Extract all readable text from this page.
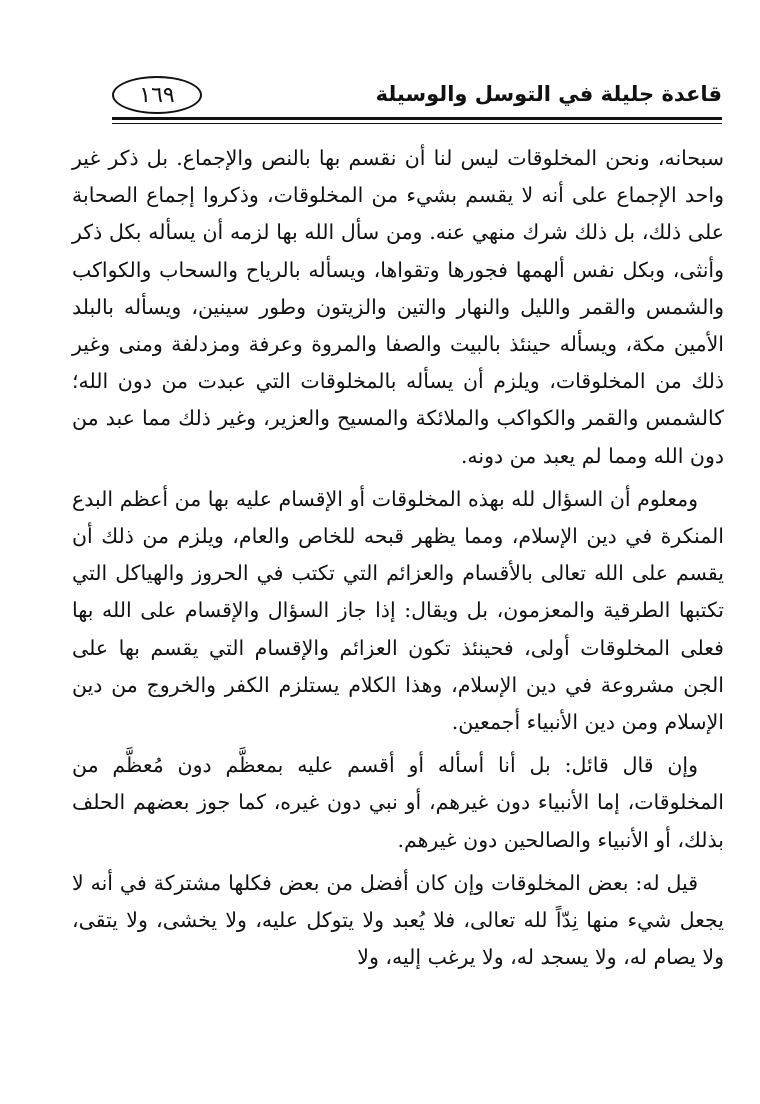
١٦٩	قاعدة جليلة في التوسل والوسيلة

سبحانه، ونحن المخلوقات ليس لنا أن نقسم بها بالنص والإجماع. بل ذكر غير واحد الإجماع على أنه لا يقسم بشيء من المخلوقات، وذكروا إجماع الصحابة على ذلك، بل ذلك شرك منهي عنه. ومن سأل الله بها لزمه أن يسأله بكل ذكر وأنثى، وبكل نفس ألهمها فجورها وتقواها، ويسأله بالرياح والسحاب والكواكب والشمس والقمر والليل والنهار والتين والزيتون وطور سينين، ويسأله بالبلد الأمين مكة، ويسأله حينئذ بالبيت والصفا والمروة وعرفة ومزدلفة ومنى وغير ذلك من المخلوقات، ويلزم أن يسأله بالمخلوقات التي عبدت من دون الله؛ كالشمس والقمر والكواكب والملائكة والمسيح والعزير، وغير ذلك مما عبد من دون الله ومما لم يعبد من دونه.

ومعلوم أن السؤال لله بهذه المخلوقات أو الإقسام عليه بها من أعظم البدع المنكرة في دين الإسلام، ومما يظهر قبحه للخاص والعام، ويلزم من ذلك أن يقسم على الله تعالى بالأقسام والعزائم التي تكتب في الحروز والهياكل التي تكتبها الطرقية والمعزمون، بل ويقال: إذا جاز السؤال والإقسام على الله بها فعلى المخلوقات أولى، فحينئذ تكون العزائم والإقسام التي يقسم بها على الجن مشروعة في دين الإسلام، وهذا الكلام يستلزم الكفر والخروج من دين الإسلام ومن دين الأنبياء أجمعين.

وإن قال قائل: بل أنا أسأله أو أقسم عليه بمعظَّم دون مُعظَّم من المخلوقات، إما الأنبياء دون غيرهم، أو نبي دون غيره، كما جوز بعضهم الحلف بذلك، أو الأنبياء والصالحين دون غيرهم.

قيل له: بعض المخلوقات وإن كان أفضل من بعض فكلها مشتركة في أنه لا يجعل شيء منها نِدّاً لله تعالى، فلا يُعبد ولا يتوكل عليه، ولا يخشى، ولا يتقى، ولا يصام له، ولا يسجد له، ولا يرغب إليه، ولا
